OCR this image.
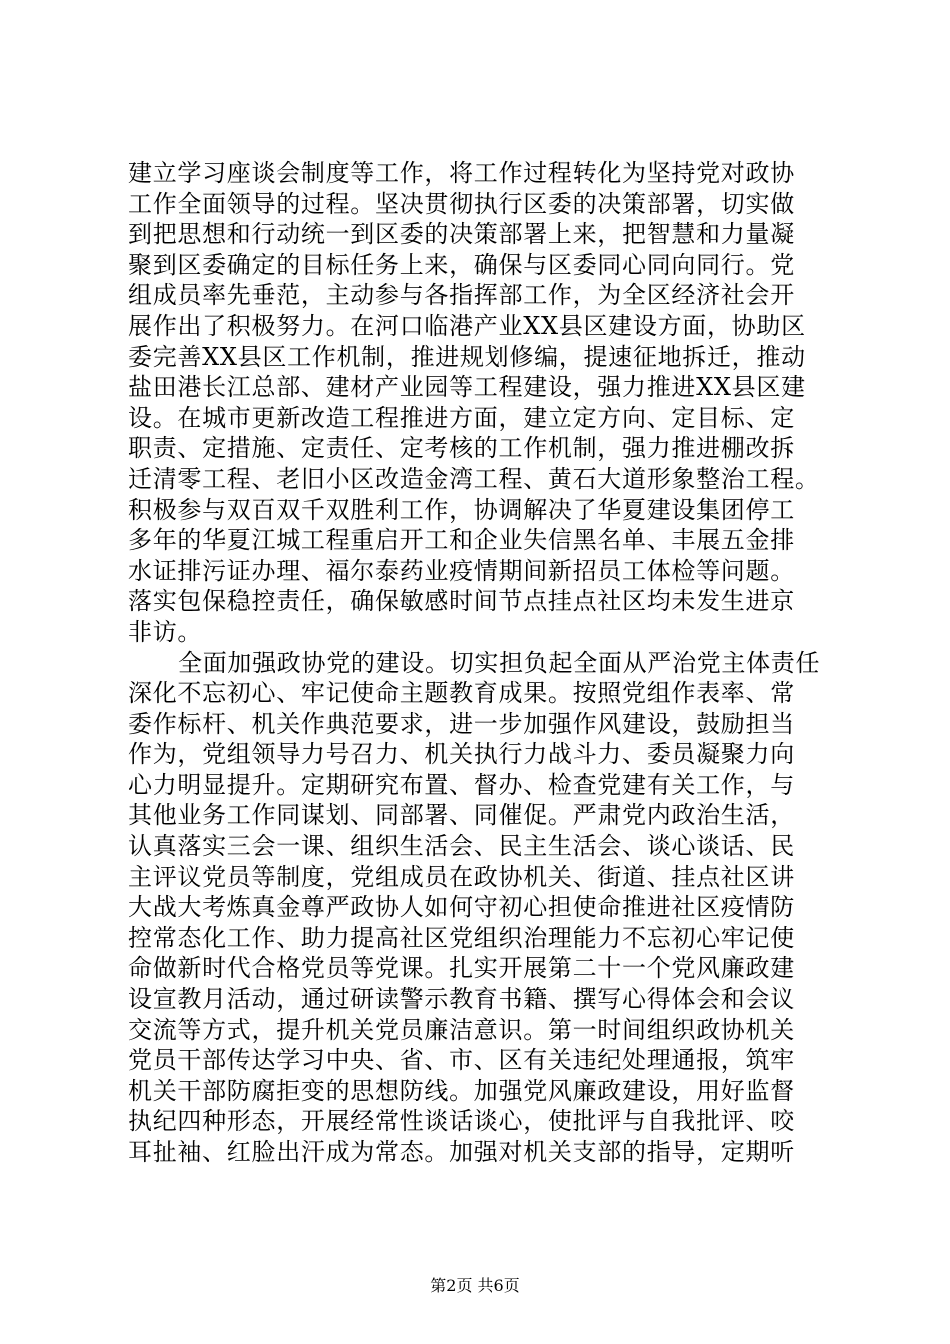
建立学习座谈会制度等工作，将工作过程转化为坚持党对政协
工作全面领导的过程。坚决贯彻执行区委的决策部署，切实做
到把思想和行动统一到区委的决策部署上来，把智慧和力量凝
聚到区委确定的目标任务上来，确保与区委同心同向同行。党
组成员率先垂范，主动参与各指挥部工作，为全区经济社会开
展作出了积极努力。在河口临港产业XX县区建设方面，协助区
委完善XX县区工作机制，推进规划修编，提速征地拆迁，推动
盐田港长江总部、建材产业园等工程建设，强力推进XX县区建
设。在城市更新改造工程推进方面，建立定方向、定目标、定
职责、定措施、定责任、定考核的工作机制，强力推进棚改拆
迁清零工程、老旧小区改造金湾工程、黄石大道形象整治工程。
积极参与双百双千双胜利工作，协调解决了华夏建设集团停工
多年的华夏江城工程重启开工和企业失信黑名单、丰展五金排
水证排污证办理、福尔泰药业疫情期间新招员工体检等问题。
落实包保稳控责任，确保敏感时间节点挂点社区均未发生进京
非访。
全面加强政协党的建设。切实担负起全面从严治党主体责任
深化不忘初心、牢记使命主题教育成果。按照党组作表率、常
委作标杆、机关作典范要求，进一步加强作风建设，鼓励担当
作为，党组领导力号召力、机关执行力战斗力、委员凝聚力向
心力明显提升。定期研究布置、督办、检查党建有关工作，与
其他业务工作同谋划、同部署、同催促。严肃党内政治生活，
认真落实三会一课、组织生活会、民主生活会、谈心谈话、民
主评议党员等制度，党组成员在政协机关、街道、挂点社区讲
大战大考炼真金尊严政协人如何守初心担使命推进社区疫情防
控常态化工作、助力提高社区党组织治理能力不忘初心牢记使
命做新时代合格党员等党课。扎实开展第二十一个党风廉政建
设宣教月活动，通过研读警示教育书籍、撰写心得体会和会议
交流等方式，提升机关党员廉洁意识。第一时间组织政协机关
党员干部传达学习中央、省、市、区有关违纪处理通报，筑牢
机关干部防腐拒变的思想防线。加强党风廉政建设，用好监督
执纪四种形态，开展经常性谈话谈心，使批评与自我批评、咬
耳扯袖、红脸出汗成为常态。加强对机关支部的指导，定期听
第2页 共6页
